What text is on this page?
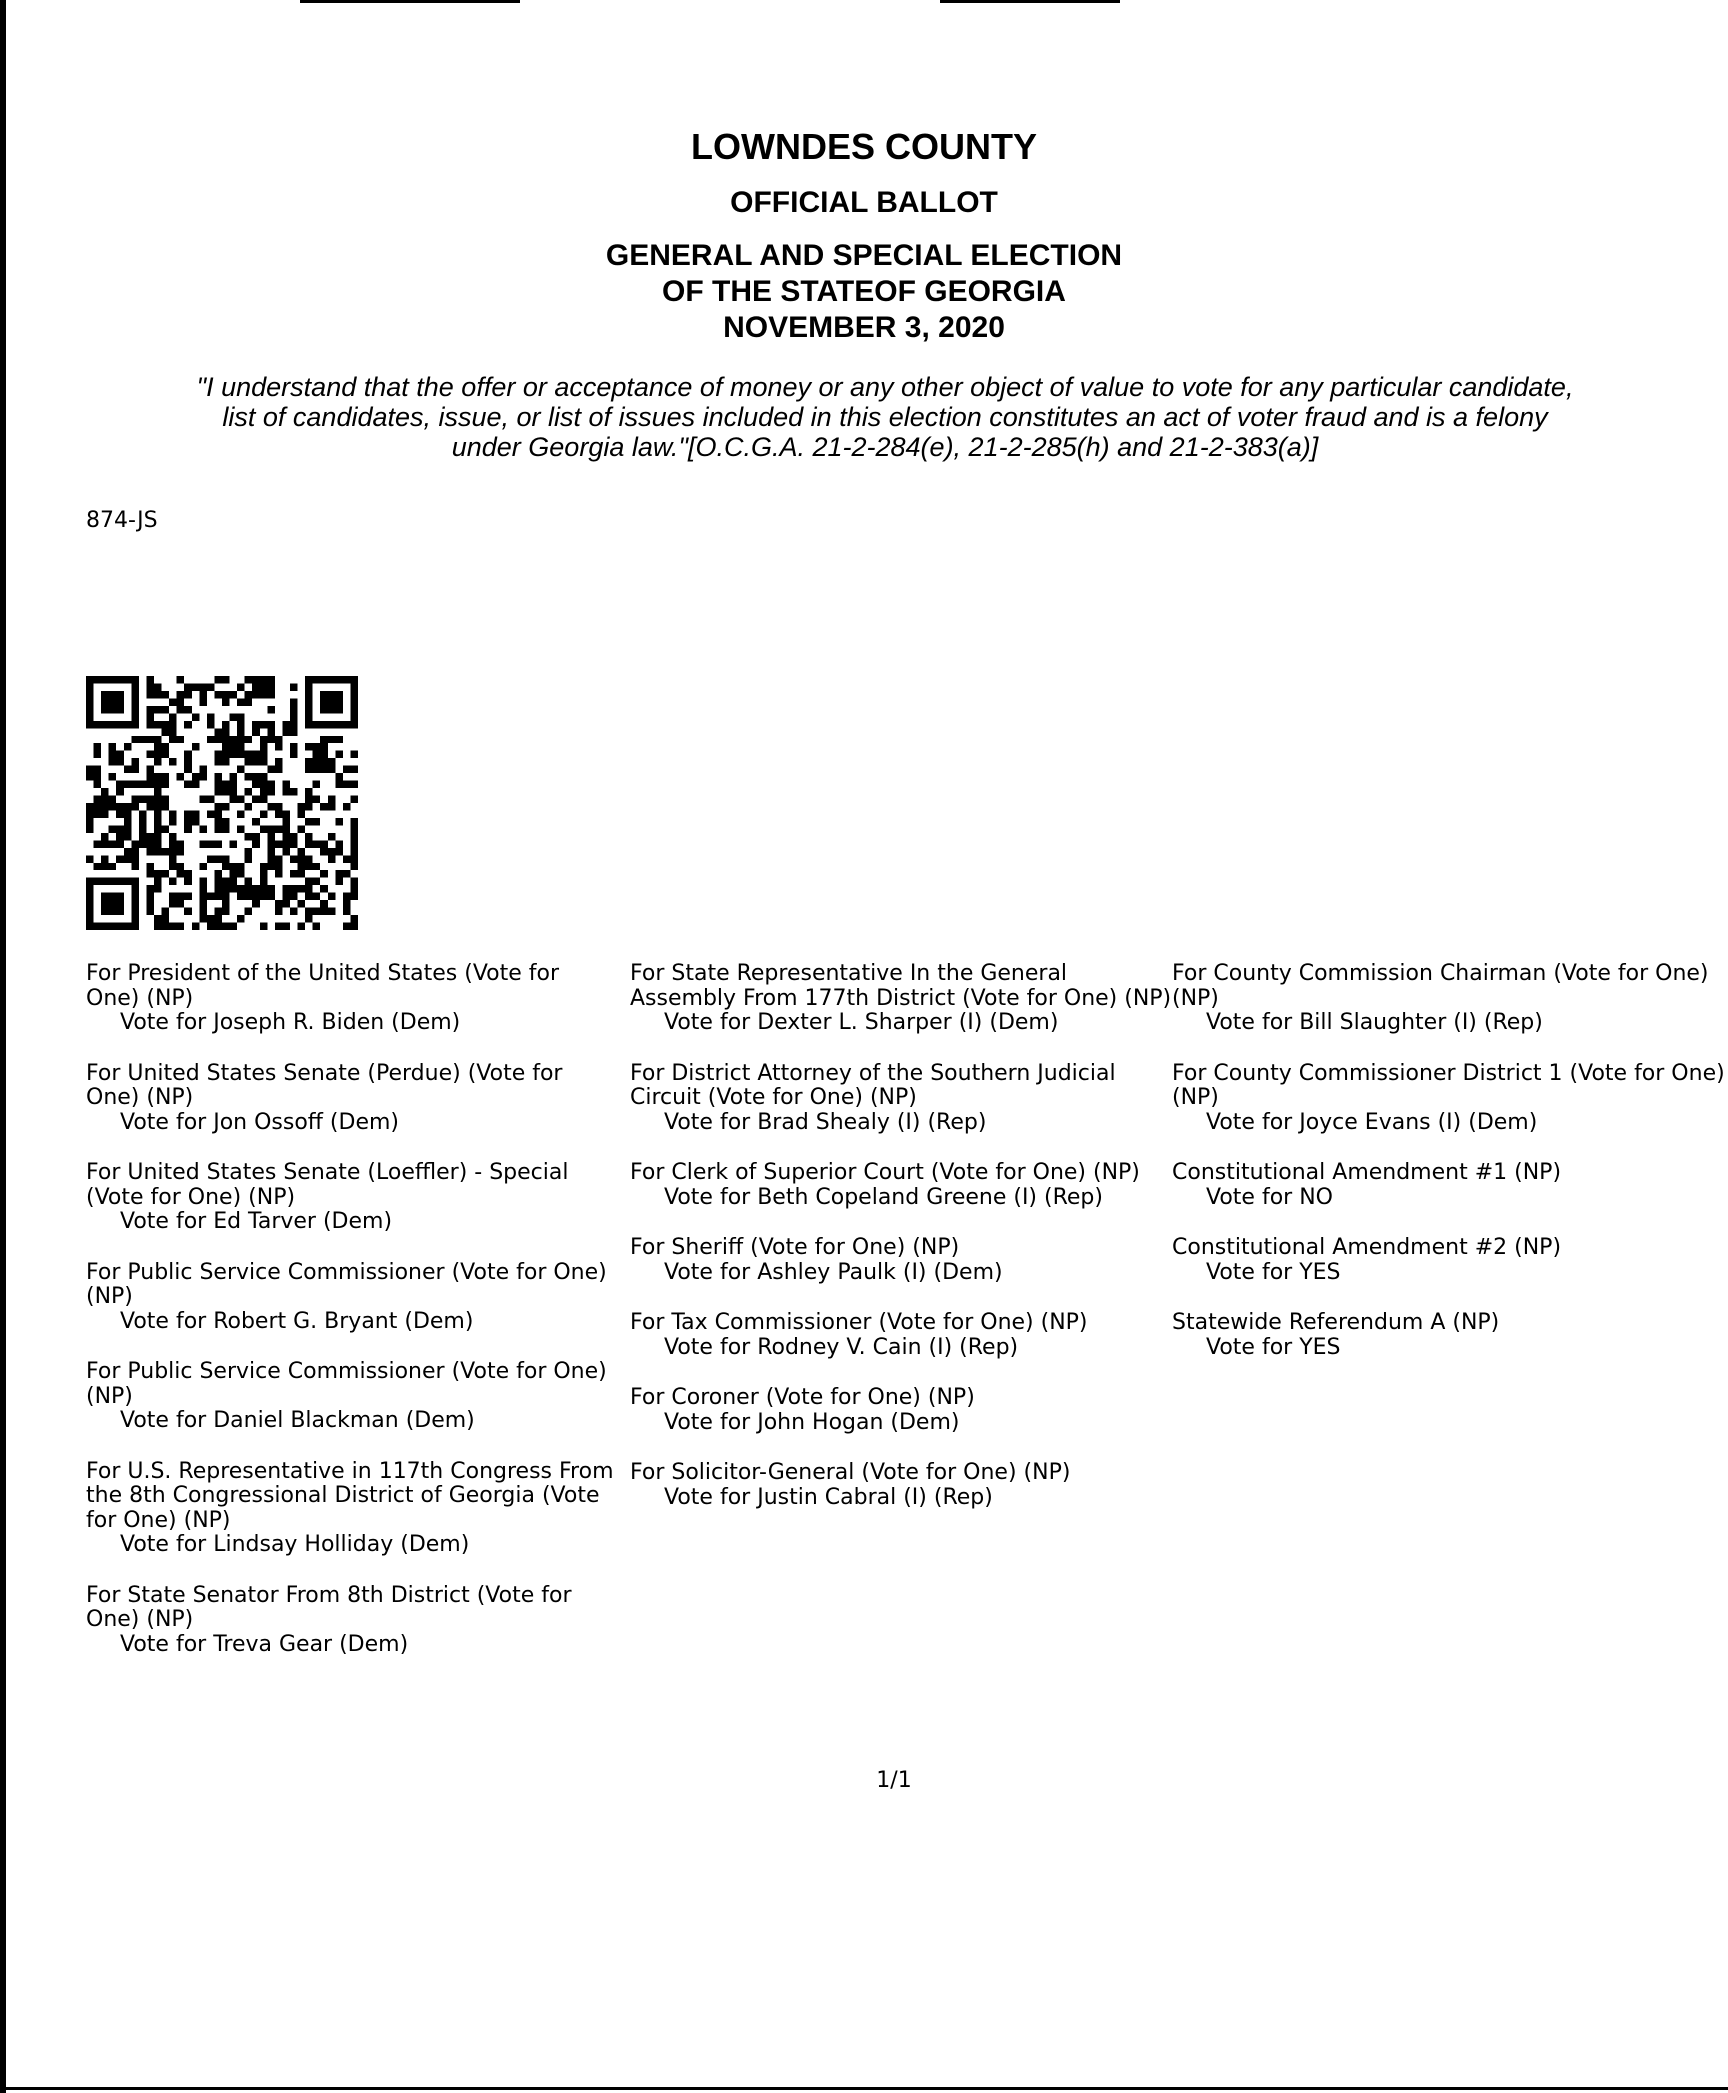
LOWNDES COUNTY
OFFICIAL BALLOT
GENERAL AND SPECIAL ELECTION
OF THE STATEOF GEORGIA
NOVEMBER 3, 2020
"I understand that the offer or acceptance of money or any other object of value to vote for any particular candidate,
list of candidates, issue, or list of issues included in this election constitutes an act of voter fraud and is a felony
under Georgia law."[O.C.G.A. 21-2-284(e), 21-2-285(h) and 21-2-383(a)]
874-JS
For President of the United States (Vote for One) (NP)
Vote for Joseph R. Biden (Dem)
For United States Senate (Perdue) (Vote for One) (NP)
Vote for Jon Ossoff (Dem)
For United States Senate (Loeffler) - Special (Vote for One) (NP)
Vote for Ed Tarver (Dem)
For Public Service Commissioner (Vote for One) (NP)
Vote for Robert G. Bryant (Dem)
For Public Service Commissioner (Vote for One) (NP)
Vote for Daniel Blackman (Dem)
For U.S. Representative in 117th Congress From the 8th Congressional District of Georgia (Vote for One) (NP)
Vote for Lindsay Holliday (Dem)
For State Senator From 8th District (Vote for One) (NP)
Vote for Treva Gear (Dem)
For State Representative In the General Assembly From 177th District (Vote for One) (NP)
Vote for Dexter L. Sharper (I) (Dem)
For District Attorney of the Southern Judicial Circuit (Vote for One) (NP)
Vote for Brad Shealy (I) (Rep)
For Clerk of Superior Court (Vote for One) (NP)
Vote for Beth Copeland Greene (I) (Rep)
For Sheriff (Vote for One) (NP)
Vote for Ashley Paulk (I) (Dem)
For Tax Commissioner (Vote for One) (NP)
Vote for Rodney V. Cain (I) (Rep)
For Coroner (Vote for One) (NP)
Vote for John Hogan (Dem)
For Solicitor-General (Vote for One) (NP)
Vote for Justin Cabral (I) (Rep)
For County Commission Chairman (Vote for One) (NP)
Vote for Bill Slaughter (I) (Rep)
For County Commissioner District 1 (Vote for One) (NP)
Vote for Joyce Evans (I) (Dem)
Constitutional Amendment #1 (NP)
Vote for NO
Constitutional Amendment #2 (NP)
Vote for YES
Statewide Referendum A (NP)
Vote for YES
1/1
